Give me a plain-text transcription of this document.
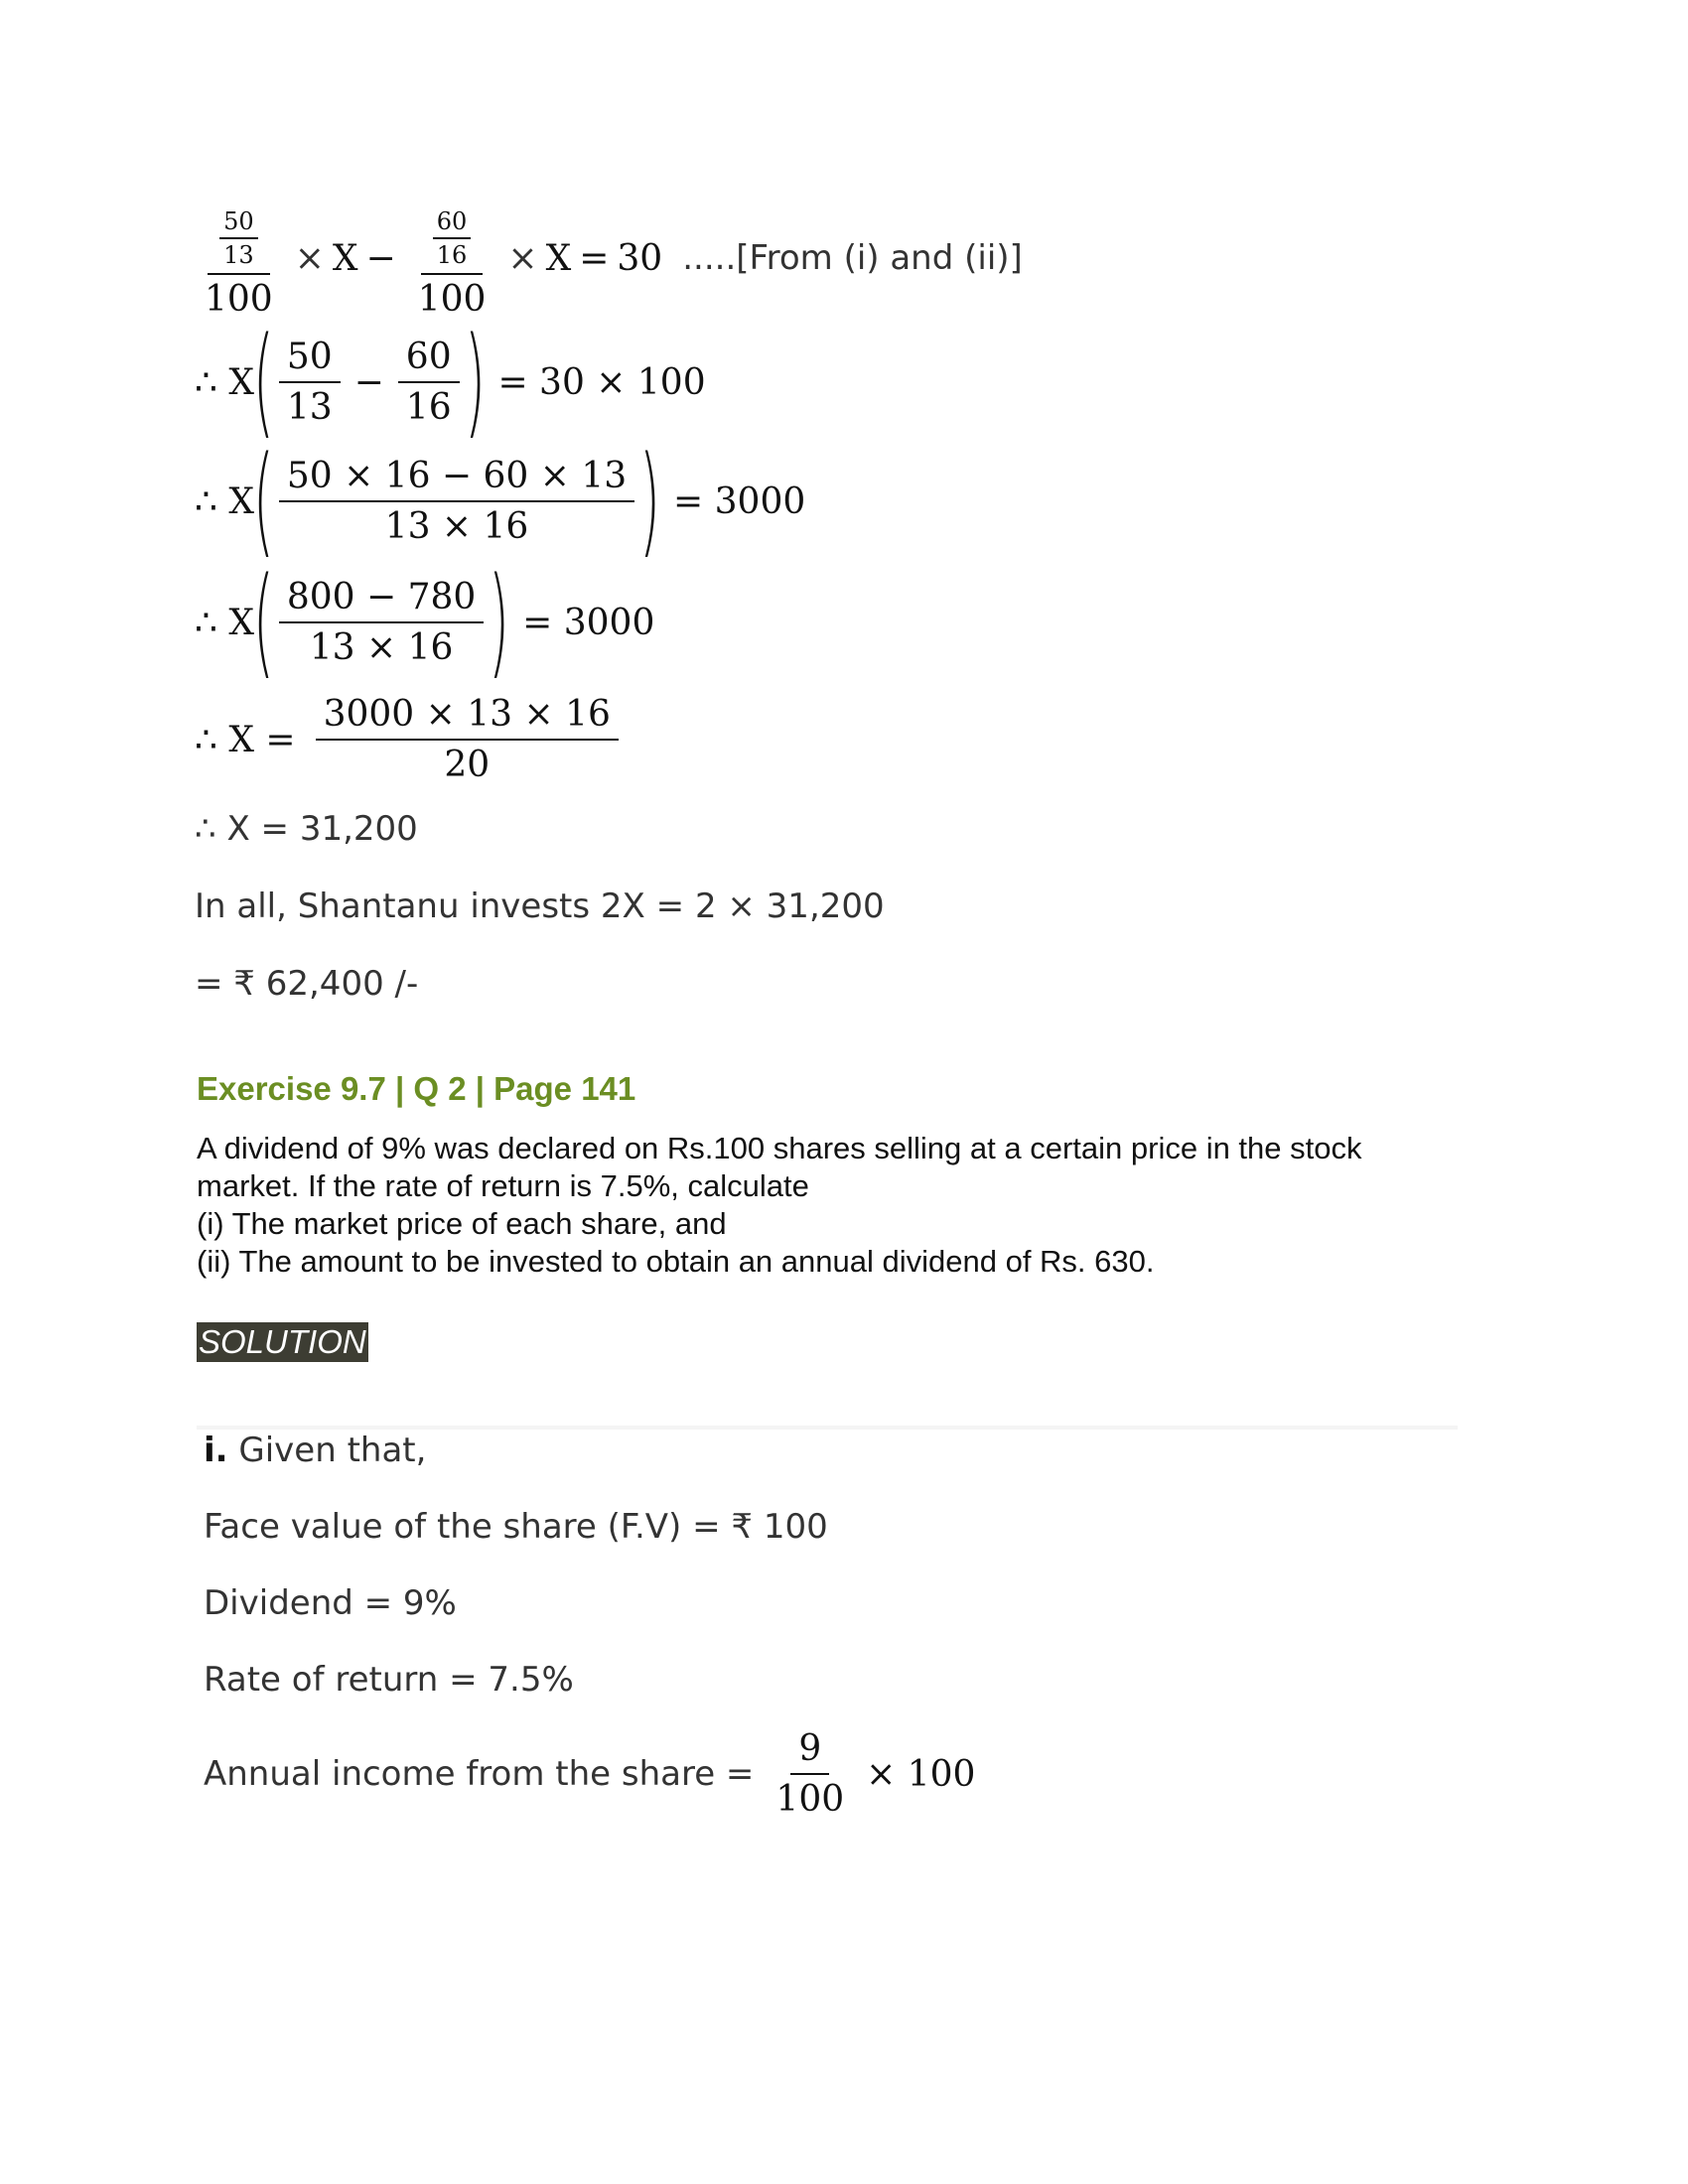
$\frac{\frac{50}{13}}{100} \times X - \frac{\frac{60}{16}}{100} \times X = 30$ .....[From (i) and (ii)]
∴ X
( $\frac{50}{13} - \frac{60}{16}$ ) = 30 × 100
∴ X
( $\frac{50 \times 16 - 60 \times 13}{13 \times 16}$ ) = 3000
∴ X
( $\frac{800 - 780}{13 \times 16}$ ) = 3000
∴ $X = \frac{3000 \times 13 \times 16}{20}$
∴ X = 31,200
In all, Shantanu invests 2X = 2 × 31,200
= ₹ 62,400 /-
Exercise 9.7 | Q 2 | Page 141
A dividend of 9% was declared on Rs.100 shares selling at a certain price in the stock
market. If the rate of return is 7.5%, calculate
(i) The market price of each share, and
(ii) The amount to be invested to obtain an annual dividend of Rs. 630.
SOLUTION
i. Given that,
Face value of the share (F.V) = ₹ 100
Dividend = 9%
Rate of return = 7.5%
Annual income from the share = $\frac{9}{100} \times 100$
